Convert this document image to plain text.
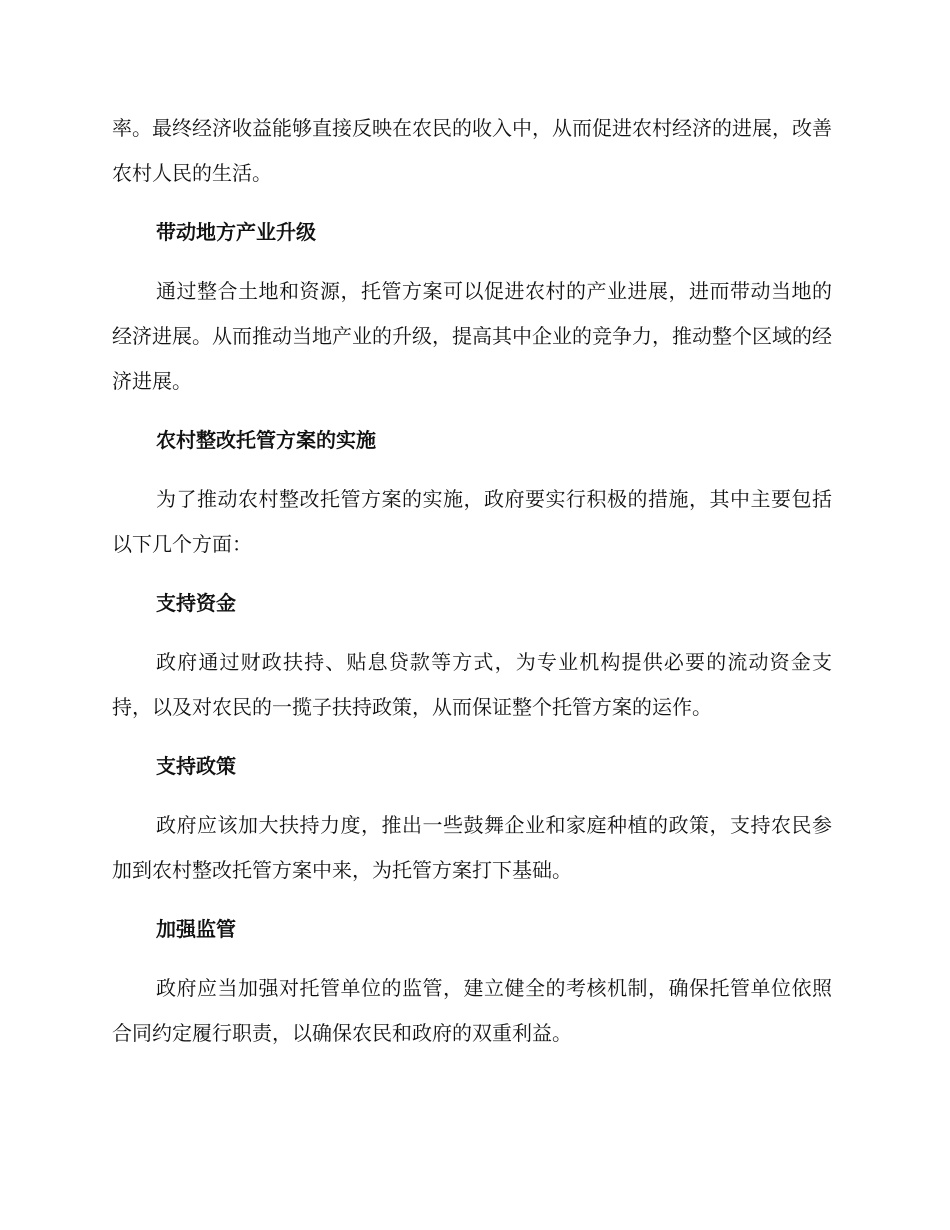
率。最终经济收益能够直接反映在农民的收入中，从而促进农村经济的进展，改善农村人民的生活。

带动地方产业升级

通过整合土地和资源，托管方案可以促进农村的产业进展，进而带动当地的经济进展。从而推动当地产业的升级，提高其中企业的竞争力，推动整个区域的经济进展。

农村整改托管方案的实施

为了推动农村整改托管方案的实施，政府要实行积极的措施，其中主要包括以下几个方面：

支持资金

政府通过财政扶持、贴息贷款等方式，为专业机构提供必要的流动资金支持，以及对农民的一揽子扶持政策，从而保证整个托管方案的运作。

支持政策

政府应该加大扶持力度，推出一些鼓舞企业和家庭种植的政策，支持农民参加到农村整改托管方案中来，为托管方案打下基础。

加强监管

政府应当加强对托管单位的监管，建立健全的考核机制，确保托管单位依照合同约定履行职责，以确保农民和政府的双重利益。
